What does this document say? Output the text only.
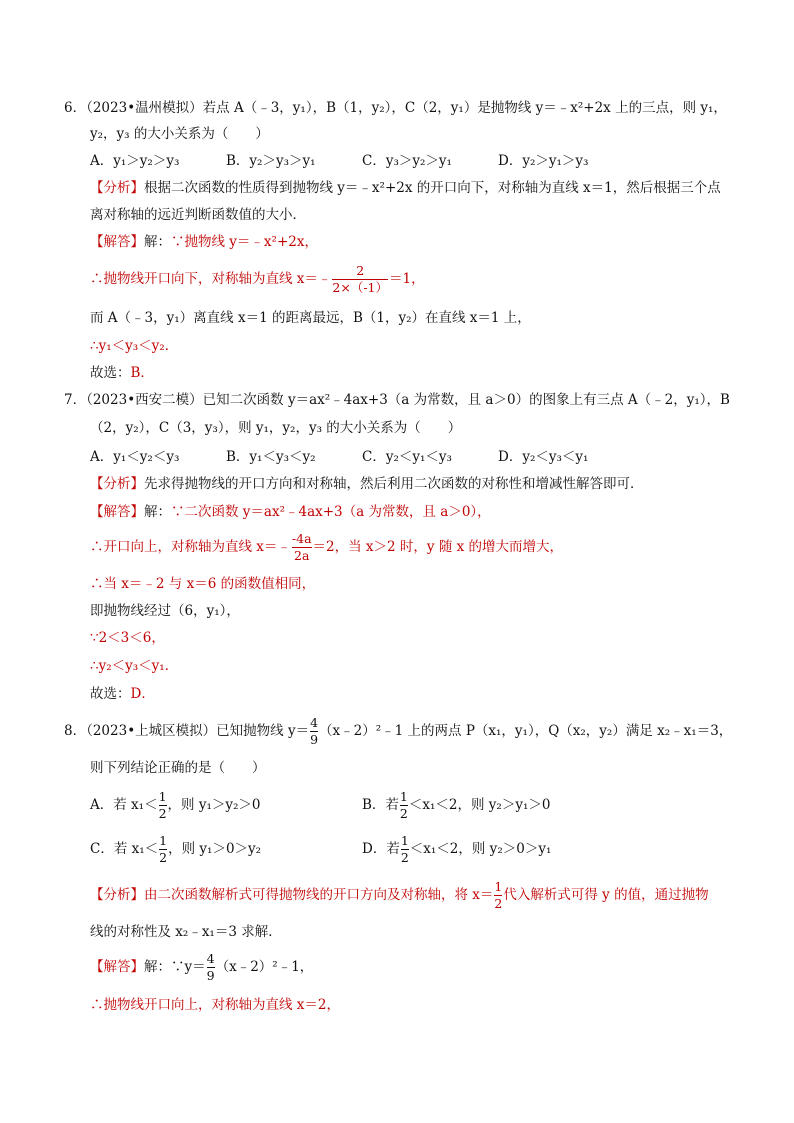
6．（2023•温州模拟）若点 A（﹣3，y₁），B（1，y₂），C（2，y₁）是抛物线 y＝﹣x²+2x 上的三点，则 y₁，
y₂，y₃ 的大小关系为（　　）
A．y₁＞y₂＞y₃	B．y₂＞y₃＞y₁	C．y₃＞y₂＞y₁	D．y₂＞y₁＞y₃
【分析】根据二次函数的性质得到抛物线 y＝﹣x²+2x 的开口向下，对称轴为直线 x＝1，然后根据三个点
离对称轴的远近判断函数值的大小．
【解答】解：∵抛物线 y＝﹣x²+2x，
∴抛物线开口向下，对称轴为直线 x＝﹣ $\frac{2}{2\times(-1)} =1$，
而 A（﹣3，y₁）离直线 x＝1 的距离最远，B（1，y₂）在直线 x＝1 上，
∴y₁＜y₃＜y₂．
故选：B．
7．（2023•西安二模）已知二次函数 y＝ax²﹣4ax+3（a 为常数，且 a＞0）的图象上有三点 A（﹣2，y₁），B
（2，y₂），C（3，y₃），则 y₁，y₂，y₃ 的大小关系为（　　）
A．y₁＜y₂＜y₃	B．y₁＜y₃＜y₂	C．y₂＜y₁＜y₃	D．y₂＜y₃＜y₁
【分析】先求得抛物线的开口方向和对称轴，然后利用二次函数的对称性和增减性解答即可．
【解答】解：∵二次函数 y＝ax²﹣4ax+3（a 为常数，且 a＞0），
∴开口向上，对称轴为直线 x＝﹣ $\frac{-4a}{2a} =2$，当 x＞2 时，y 随 x 的增大而增大，
∴当 x＝﹣2 与 x＝6 的函数值相同，
即抛物线经过（6，y₁），
∵2＜3＜6，
∴y₂＜y₃＜y₁．
故选：D．
8．（2023•上城区模拟）已知抛物线 $y= \frac{4}{9}$ （x﹣2）²﹣1 上的两点 P（x₁，y₁），Q（x₂，y₂）满足 x₂﹣x₁＝3，
则下列结论正确的是（　　）
A．若 $x_1< \frac{1}{2}$ ，则 y₁＞y₂＞0	B．若 $\frac{1}{2} <x_1<2$，则 y₂＞y₁＞0
C．若 $x_1< \frac{1}{2}$ ，则 y₁＞0＞y₂	D．若 $\frac{1}{2} <x_1<2$，则 y₂＞0＞y₁
【分析】由二次函数解析式可得抛物线的开口方向及对称轴，将 $x= \frac{1}{2}$ 代入解析式可得 y 的值，通过抛物
线的对称性及 x₂﹣x₁＝3 求解．
【解答】解：∵y＝ $\frac{4}{9}$ （x﹣2）²﹣1，
∴抛物线开口向上，对称轴为直线 x＝2，
